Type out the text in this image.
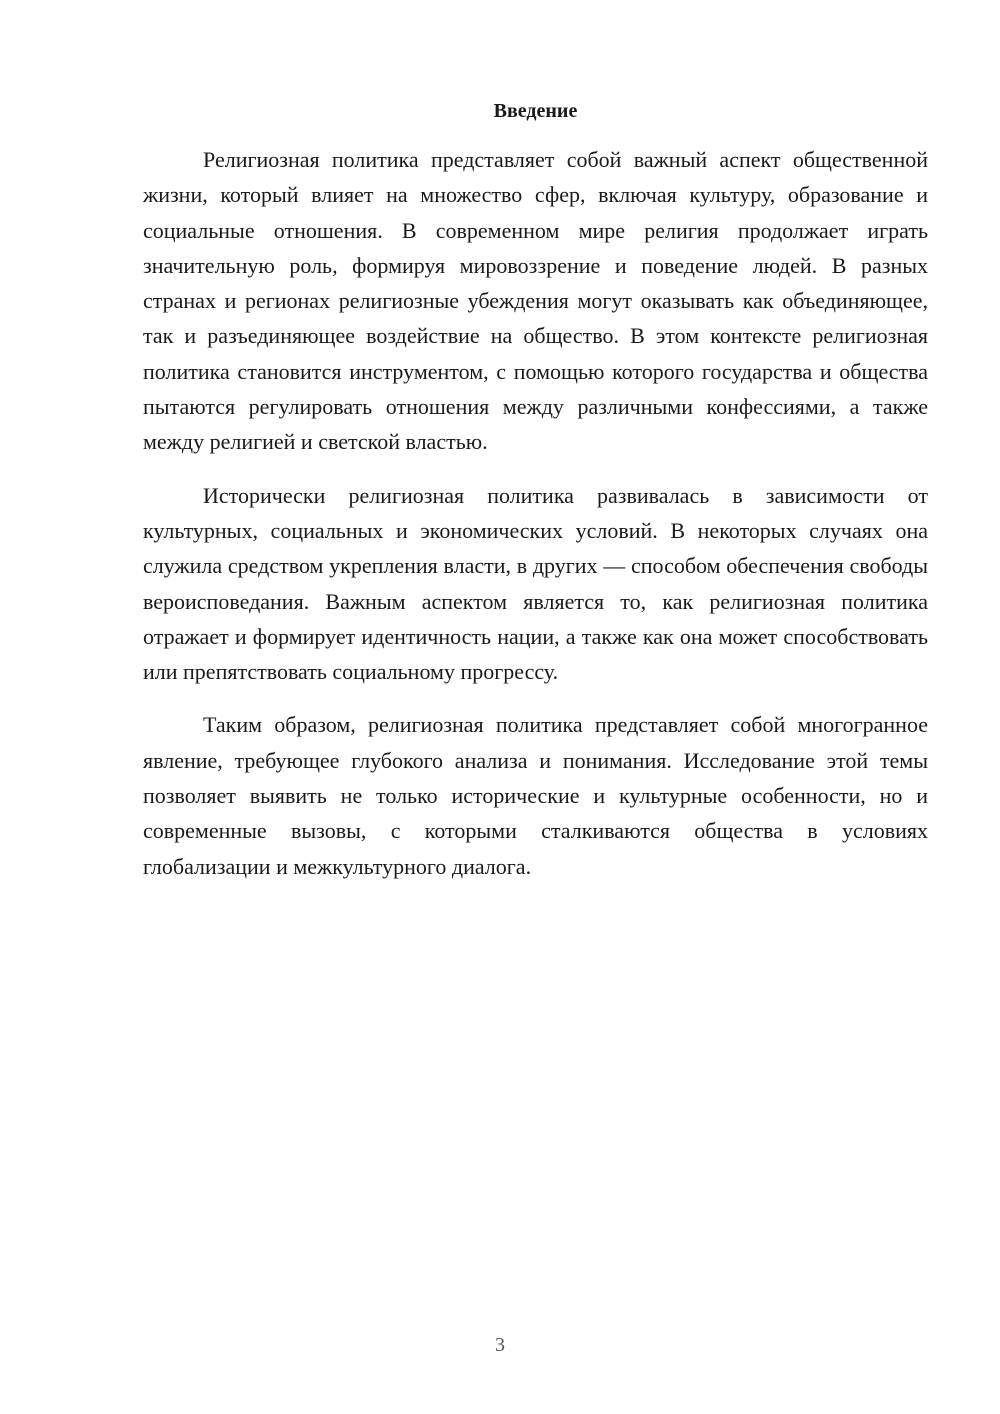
Введение

Религиозная политика представляет собой важный аспект общественной жизни, который влияет на множество сфер, включая культуру, образование и социальные отношения. В современном мире религия продолжает играть значительную роль, формируя мировоззрение и поведение людей. В разных странах и регионах религиозные убеждения могут оказывать как объединяющее, так и разъединяющее воздействие на общество. В этом контексте религиозная политика становится инструментом, с помощью которого государства и общества пытаются регулировать отношения между различными конфессиями, а также между религией и светской властью.

Исторически религиозная политика развивалась в зависимости от культурных, социальных и экономических условий. В некоторых случаях она служила средством укрепления власти, в других — способом обеспечения свободы вероисповедания. Важным аспектом является то, как религиозная политика отражает и формирует идентичность нации, а также как она может способствовать или препятствовать социальному прогрессу.

Таким образом, религиозная политика представляет собой многогранное явление, требующее глубокого анализа и понимания. Исследование этой темы позволяет выявить не только исторические и культурные особенности, но и современные вызовы, с которыми сталкиваются общества в условиях глобализации и межкультурного диалога.

3
